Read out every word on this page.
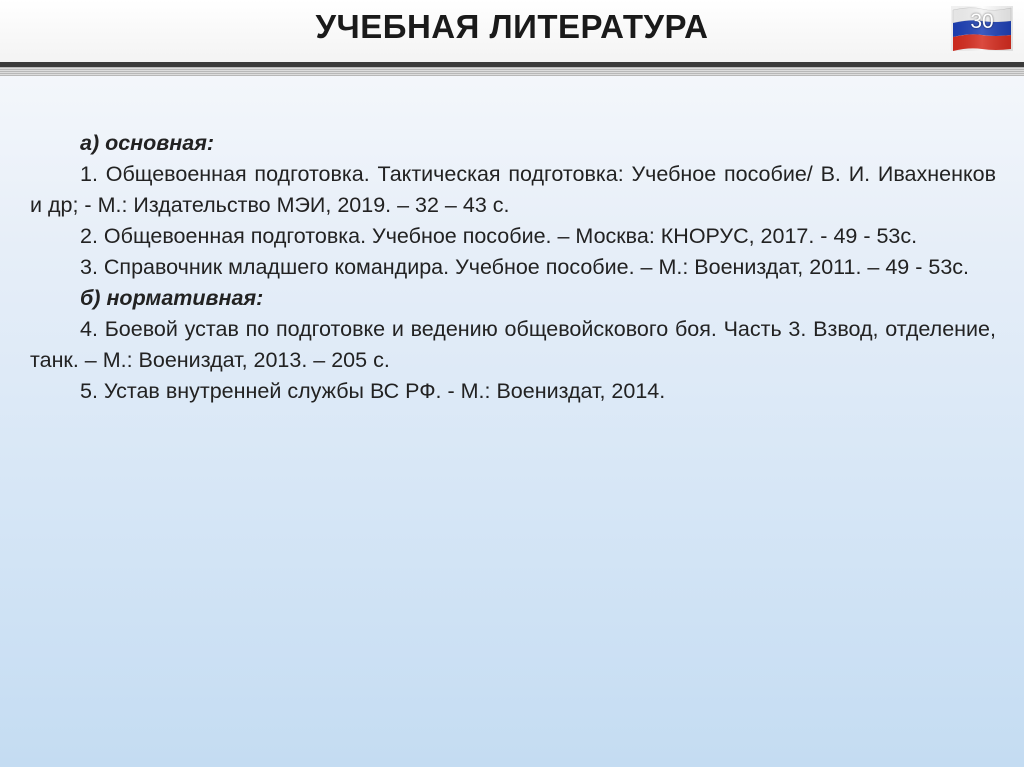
УЧЕБНАЯ ЛИТЕРАТУРА	30

а) основная:

1. Общевоенная подготовка. Тактическая подготовка: Учебное пособие/ В. И. Ивахненков и др; - М.: Издательство МЭИ, 2019. – 32 – 43 с.

2. Общевоенная подготовка. Учебное пособие. – Москва: КНОРУС, 2017. - 49 - 53с.

3. Справочник младшего командира. Учебное пособие. – М.: Воениздат, 2011. – 49 - 53с.

б) нормативная:

4. Боевой устав по подготовке и ведению общевойскового боя. Часть 3. Взвод, отделение, танк. – М.: Воениздат, 2013. – 205 с.

5. Устав внутренней службы ВС РФ. - М.: Воениздат, 2014.
